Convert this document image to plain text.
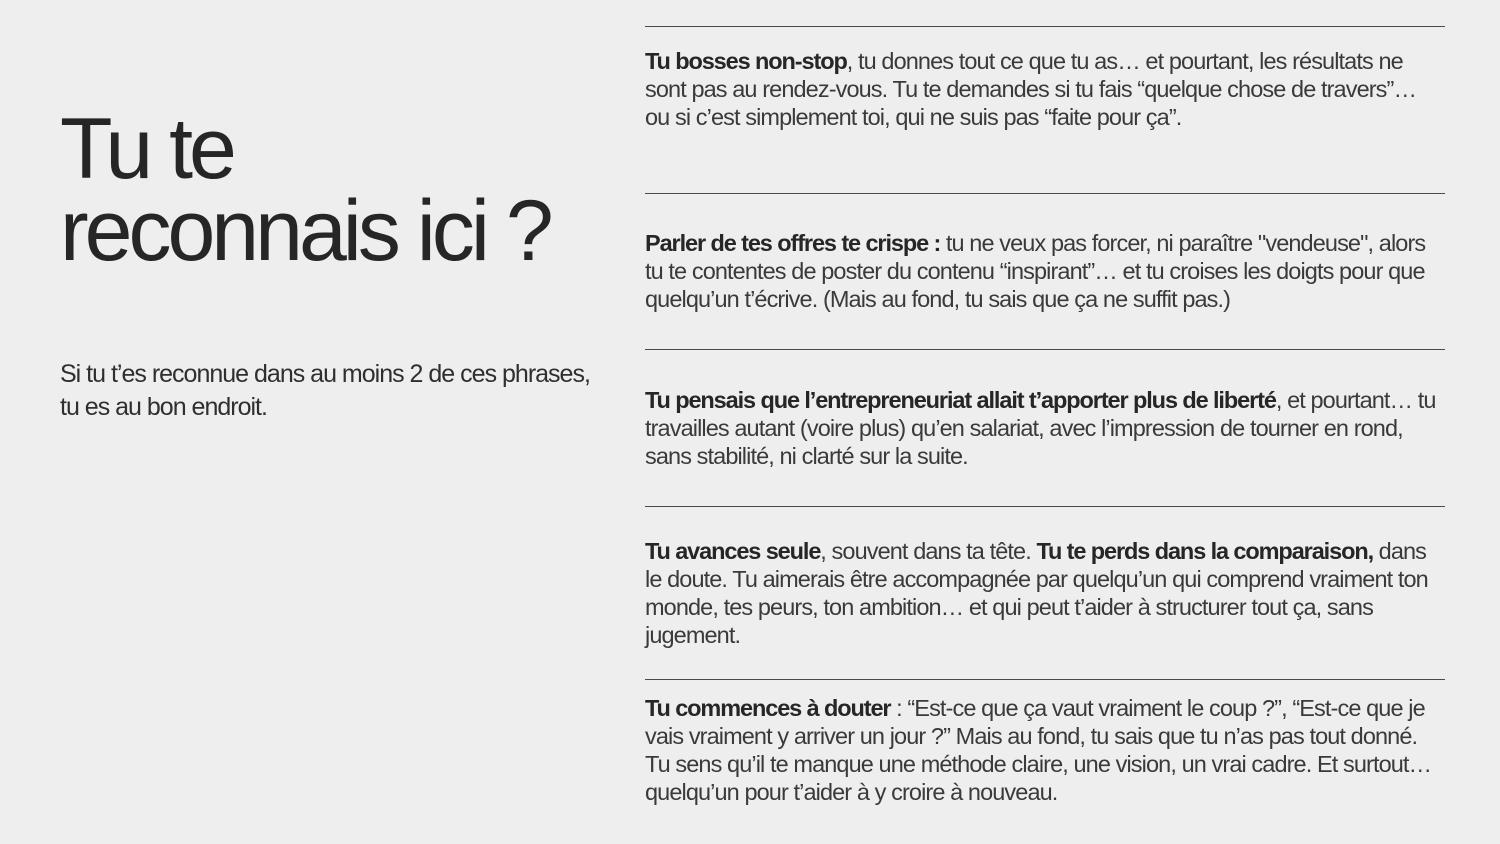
Tu te
reconnais ici ?

Si tu t’es reconnue dans au moins 2 de ces phrases, tu es au bon endroit.

Tu bosses non-stop, tu donnes tout ce que tu as… et pourtant, les résultats ne sont pas au rendez-vous. Tu te demandes si tu fais “quelque chose de travers”… ou si c’est simplement toi, qui ne suis pas “faite pour ça”.

Parler de tes offres te crispe : tu ne veux pas forcer, ni paraître "vendeuse", alors tu te contentes de poster du contenu “inspirant”… et tu croises les doigts pour que quelqu’un t’écrive. (Mais au fond, tu sais que ça ne suffit pas.)

Tu pensais que l’entrepreneuriat allait t’apporter plus de liberté, et pourtant… tu travailles autant (voire plus) qu’en salariat, avec l’impression de tourner en rond, sans stabilité, ni clarté sur la suite.

Tu avances seule, souvent dans ta tête. Tu te perds dans la comparaison, dans le doute. Tu aimerais être accompagnée par quelqu’un qui comprend vraiment ton monde, tes peurs, ton ambition… et qui peut t’aider à structurer tout ça, sans jugement.

Tu commences à douter : “Est-ce que ça vaut vraiment le coup ?”, “Est-ce que je vais vraiment y arriver un jour ?” Mais au fond, tu sais que tu n’as pas tout donné. Tu sens qu’il te manque une méthode claire, une vision, un vrai cadre. Et surtout… quelqu’un pour t’aider à y croire à nouveau.
